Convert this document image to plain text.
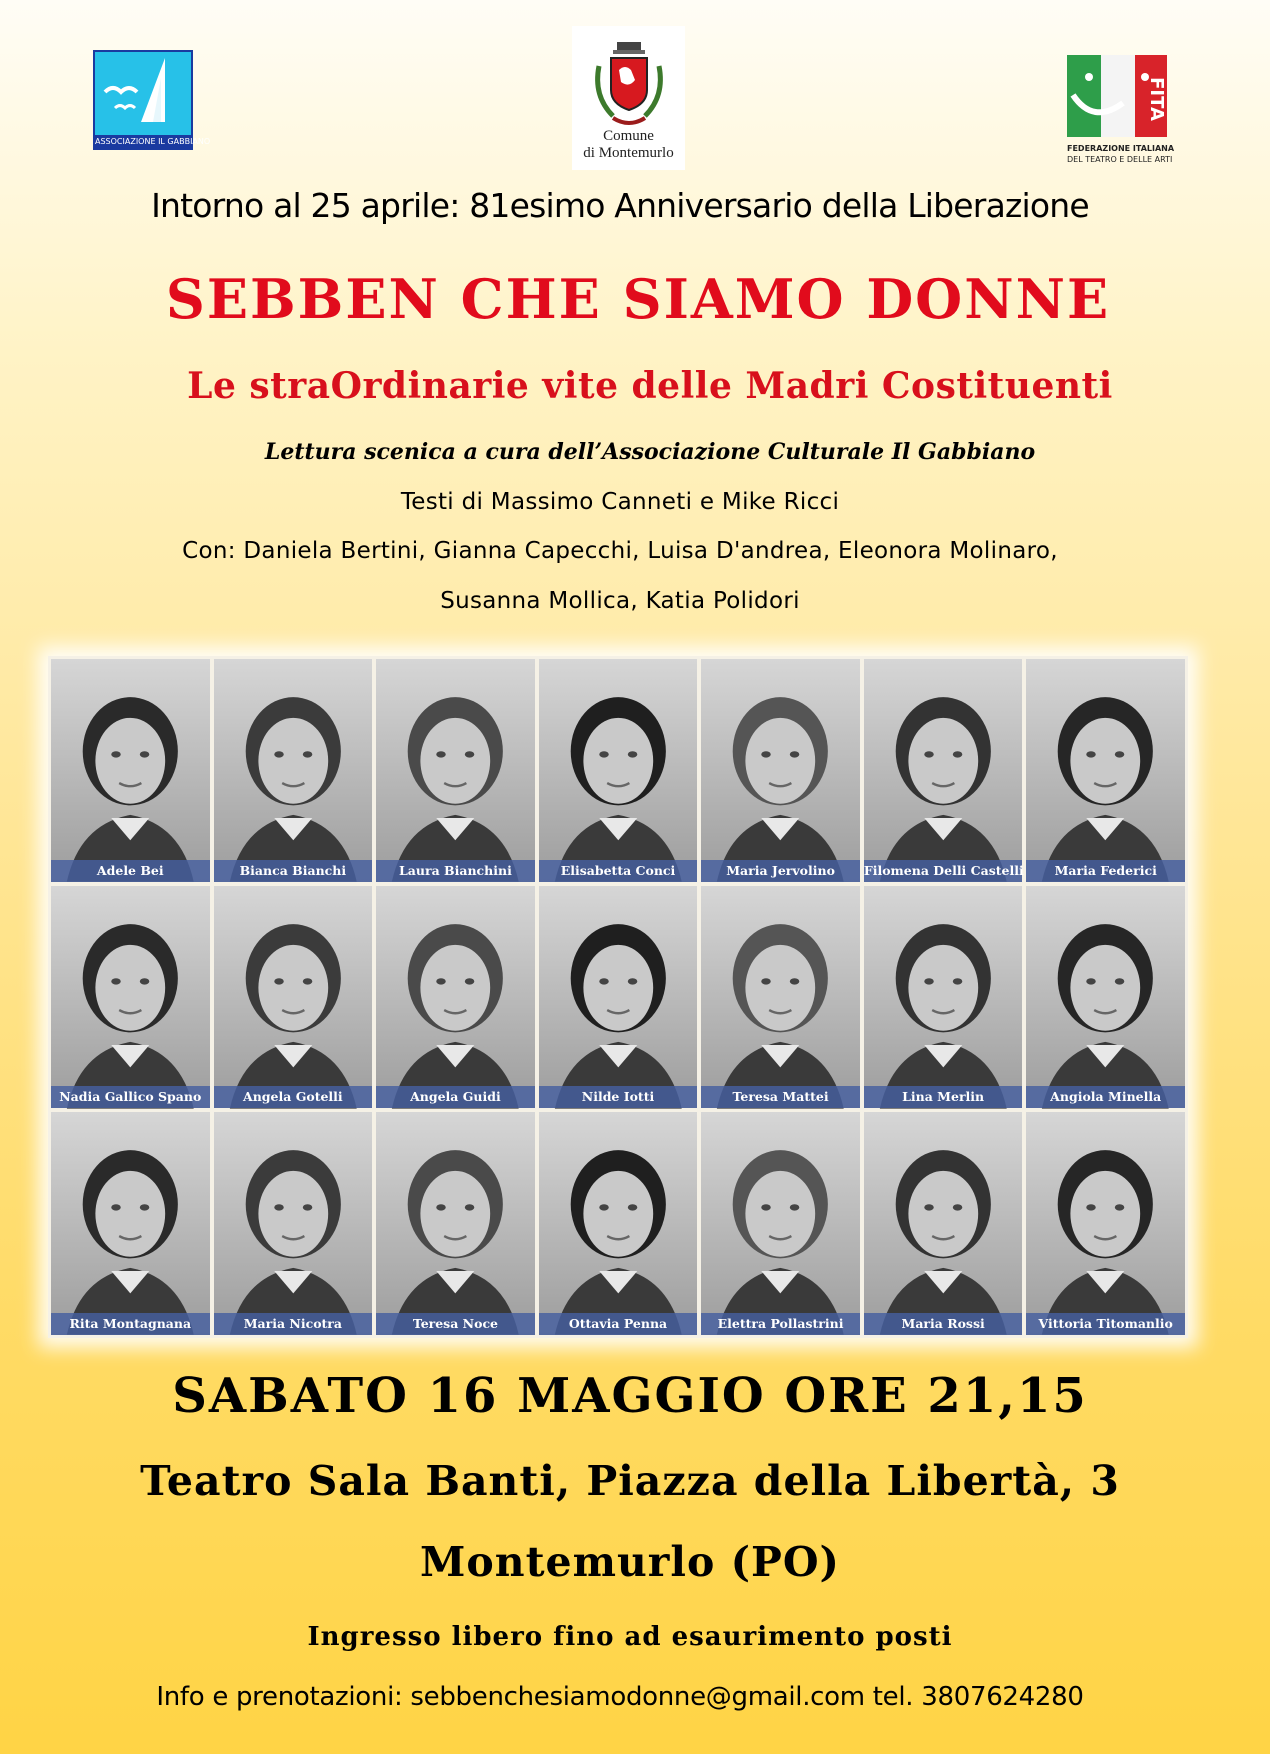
ASSOCIAZIONE IL GABBIANO	Comune
di Montemurlo
FITA
FEDERAZIONE ITALIANA
DEL TEATRO E DELLE ARTI
Intorno al 25 aprile: 81esimo Anniversario della Liberazione
SEBBEN CHE SIAMO DONNE
Le straOrdinarie vite delle Madri Costituenti
Lettura scenica a cura dell’Associazione Culturale Il Gabbiano
Testi di Massimo Canneti e Mike Ricci
Con: Daniela Bertini, Gianna Capecchi, Luisa D'andrea, Eleonora Molinaro,
Susanna Mollica, Katia Polidori
Adele Bei	Bianca Bianchi	Laura Bianchini	Elisabetta Conci	Maria Jervolino	Filomena Delli Castelli	Maria Federici
Nadia Gallico Spano	Angela Gotelli	Angela Guidi	Nilde Iotti	Teresa Mattei	Lina Merlin	Angiola Minella
Rita Montagnana	Maria Nicotra	Teresa Noce	Ottavia Penna	Elettra Pollastrini	Maria Rossi	Vittoria Titomanlio
SABATO 16 MAGGIO ORE 21,15
Teatro Sala Banti, Piazza della Libertà, 3
Montemurlo (PO)
Ingresso libero fino ad esaurimento posti
Info e prenotazioni: sebbenchesiamodonne@gmail.com tel. 3807624280
